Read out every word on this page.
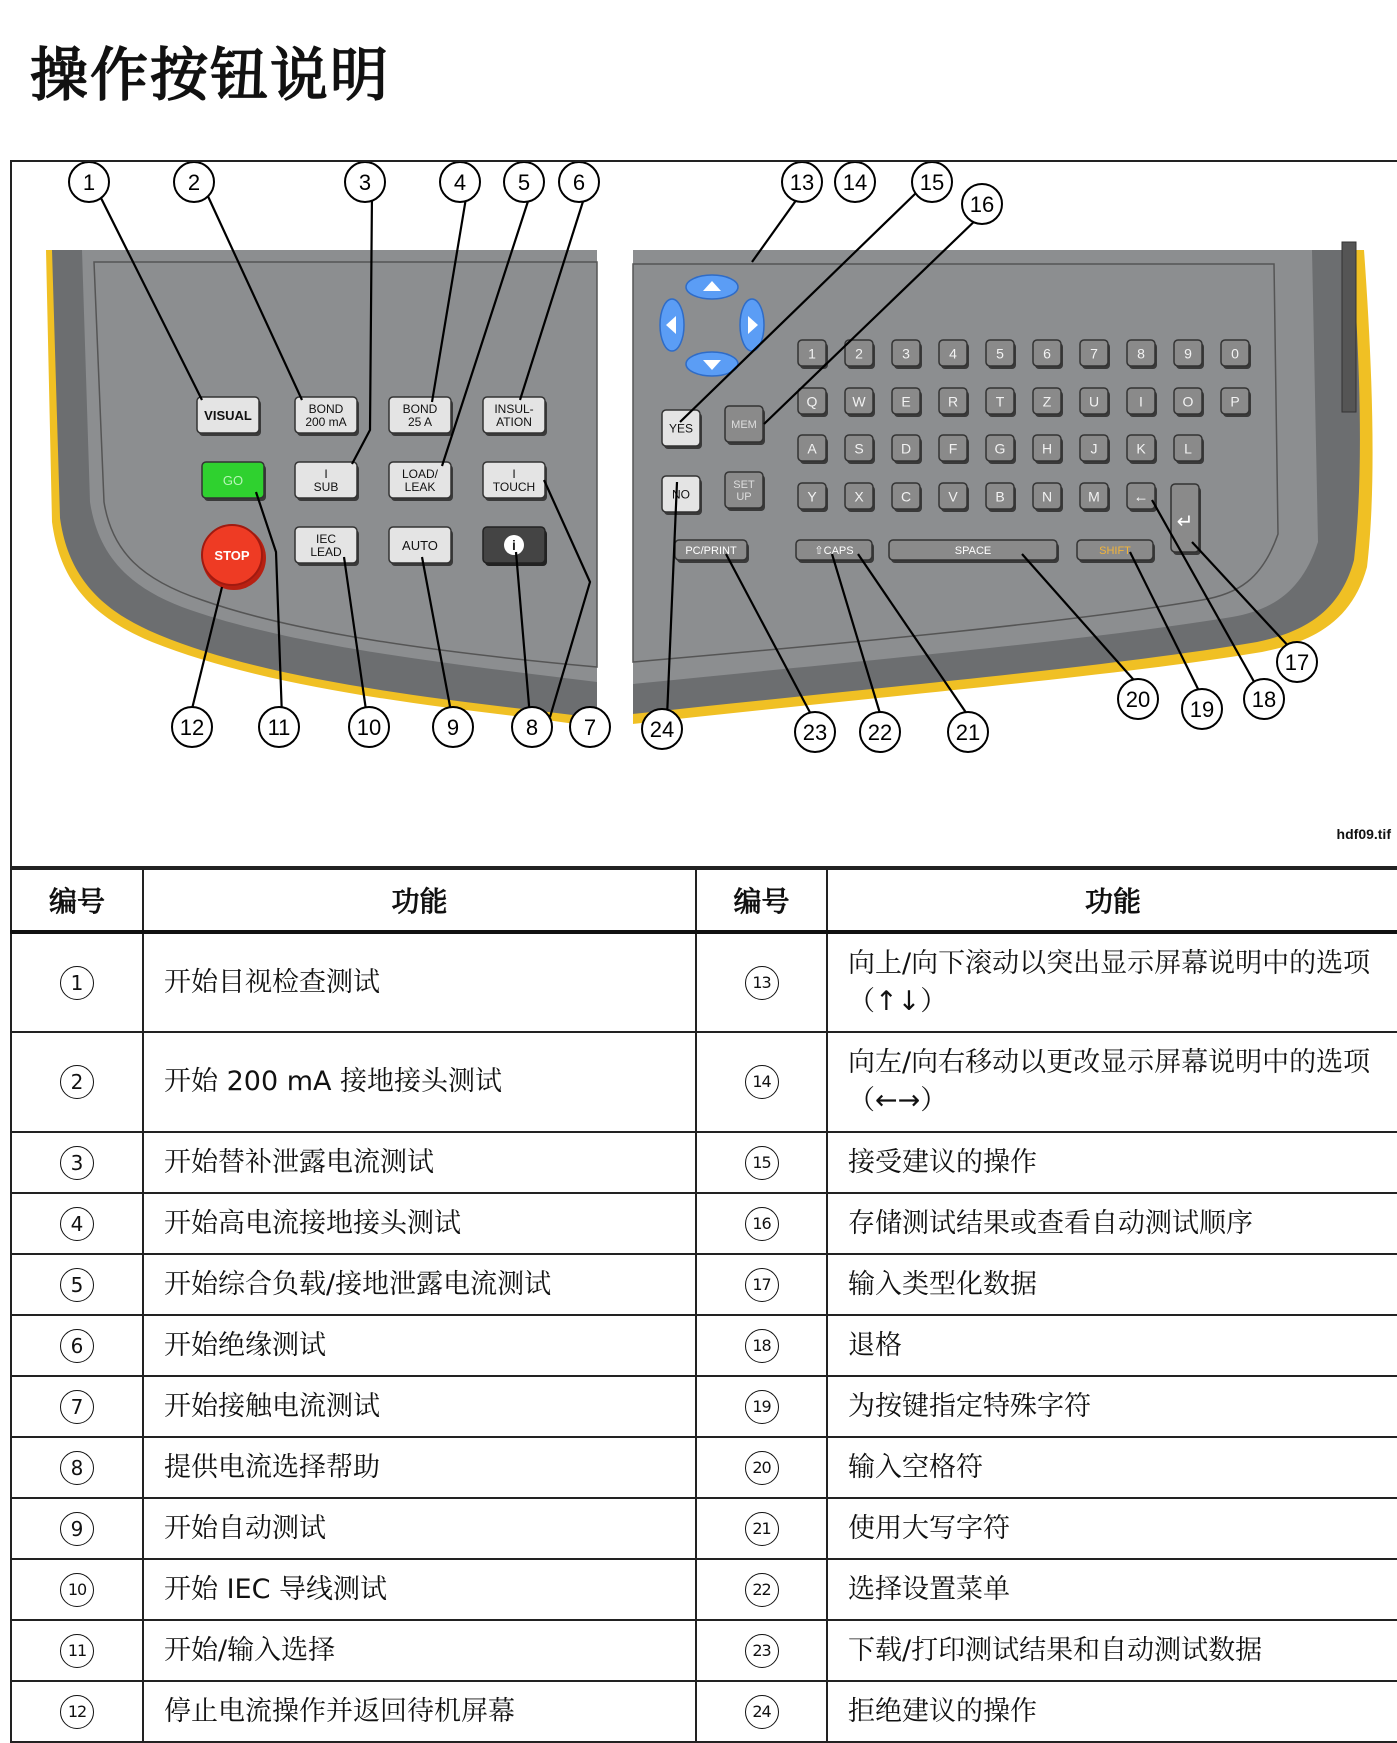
操作按钮说明
VISUAL	BOND
200 mA
BOND
25 A
INSUL-
ATION
GO	I
SUB
LOAD/
LEAK
I
TOUCH
IEC
LEAD	AUTO	i
STOP
YES	MEM
NO
SET
UP
PC/PRINT	⇧CAPS	SPACE	SHIFT
1	2	3	4	5	6	7	8	9	0
Q W	E	R	T	Z	U	I	O	P
A	S	D	F	G	H	J	K	L
Y	X	C	V	B	N	M ←
↵
1	2	3	4 5 6
7
8
9
10
11
12
13 14 15
16
17
18
19
20
21
22
23
24
hdf09.tif
编号	功能	编号	功能
1	开始目视检查测试	13	向上/向下滚动以突出显示屏幕说明中的选项（↑↓）
2	开始 200 mA 接地接头测试	14	向左/向右移动以更改显示屏幕说明中的选项（←→）
3	开始替补泄露电流测试	15	接受建议的操作
4	开始高电流接地接头测试	16	存储测试结果或查看自动测试顺序
5	开始综合负载/接地泄露电流测试	17	输入类型化数据
6	开始绝缘测试	18	退格
7	开始接触电流测试	19	为按键指定特殊字符
8	提供电流选择帮助	20	输入空格符
9	开始自动测试	21	使用大写字符
10	开始 IEC 导线测试	22	选择设置菜单
11	开始/输入选择	23	下载/打印测试结果和自动测试数据
12	停止电流操作并返回待机屏幕	24	拒绝建议的操作
